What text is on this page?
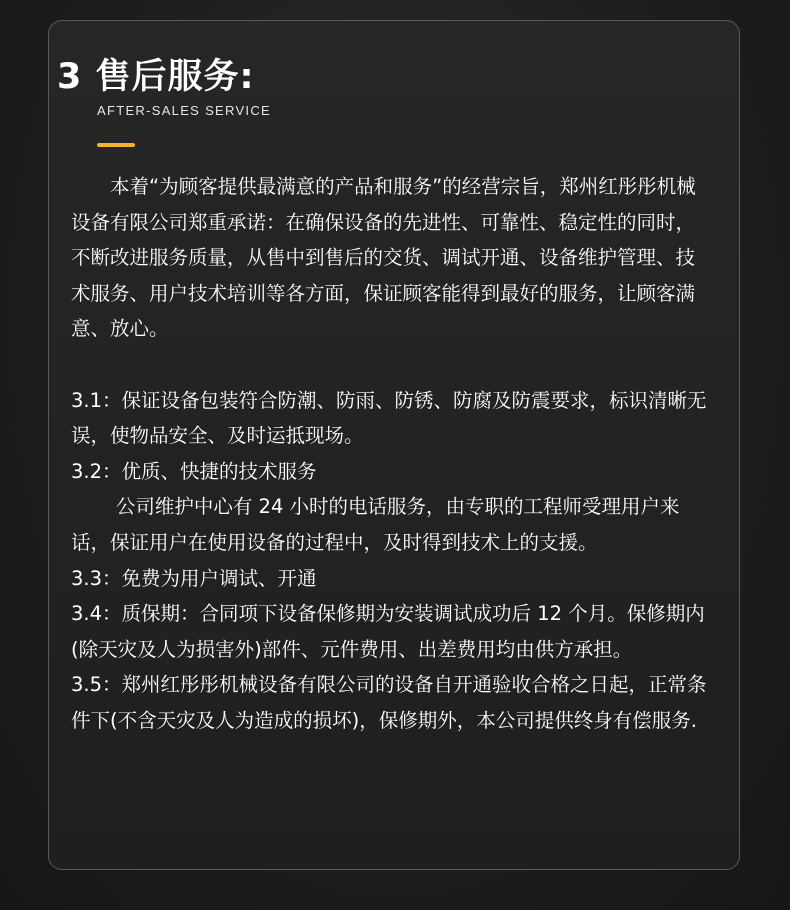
3 售后服务:
AFTER-SALES SERVICE

本着“为顾客提供最满意的产品和服务”的经营宗旨，郑州红彤彤机械设备有限公司郑重承诺：在确保设备的先进性、可靠性、稳定性的同时，不断改进服务质量，从售中到售后的交货、调试开通、设备维护管理、技术服务、用户技术培训等各方面，保证顾客能得到最好的服务，让顾客满意、放心。

3.1：保证设备包装符合防潮、防雨、防锈、防腐及防震要求，标识清晰无误，使物品安全、及时运抵现场。

3.2：优质、快捷的技术服务

公司维护中心有 24 小时的电话服务，由专职的工程师受理用户来话，保证用户在使用设备的过程中，及时得到技术上的支援。

3.3：免费为用户调试、开通

3.4：质保期：合同项下设备保修期为安装调试成功后 12 个月。保修期内(除天灾及人为损害外)部件、元件费用、出差费用均由供方承担。

3.5：郑州红彤彤机械设备有限公司的设备自开通验收合格之日起，正常条件下(不含天灾及人为造成的损坏)，保修期外，本公司提供终身有偿服务.
